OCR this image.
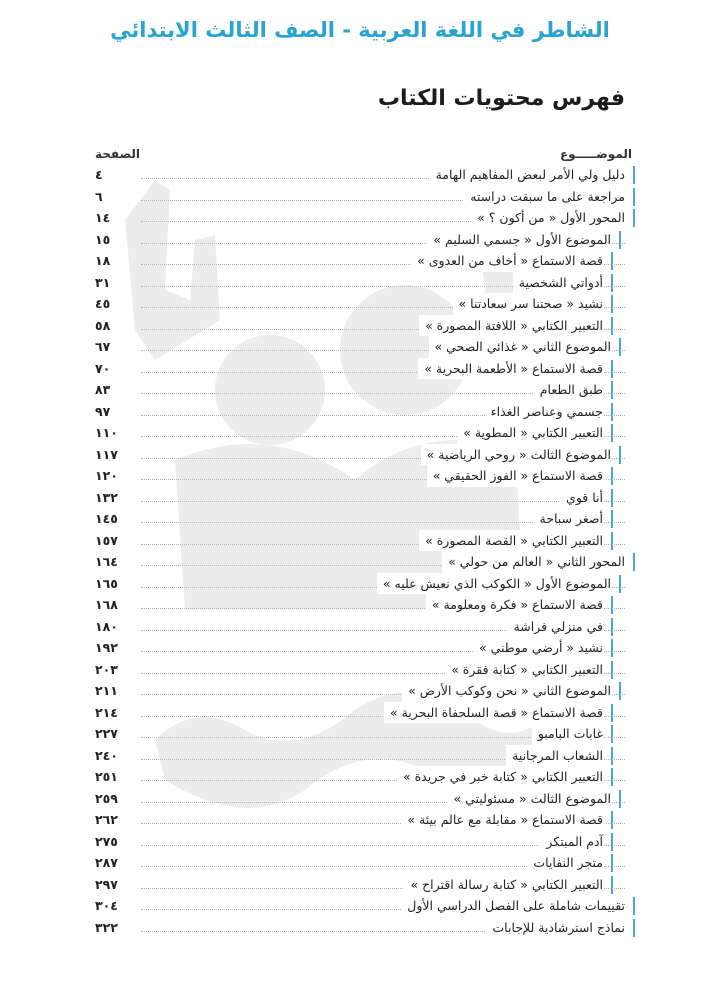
الشاطر في اللغة العربية - الصف الثالث الابتدائي
فهرس محتويات الكتاب
الموضـــــوع
الصفحة
دليل ولي الأمر لبعض المفاهيم الهامة
٤
مراجعة على ما سبقت دراسته
٦
المحور الأول « من أكون ؟ »
١٤
الموضوع الأول « جسمي السليم »
١٥
قصة الاستماع « أخاف من العدوى »
١٨
أدواتي الشخصية
٣١
نشيد « صحتنا سر سعادتنا »
٤٥
التعبير الكتابي « اللافتة المصورة »
٥٨
الموضوع الثاني « غذائي الصحي »
٦٧
قصة الاستماع « الأطعمة البحرية »
٧٠
طبق الطعام
٨٣
جسمي وعناصر الغذاء
٩٧
التعبير الكتابي « المطوية »
١١٠
الموضوع الثالث « روحي الرياضية »
١١٧
قصة الاستماع « الفوز الحقيقي »
١٢٠
أنا قوي
١٣٢
أصغر سباحة
١٤٥
التعبير الكتابي « القصة المصورة »
١٥٧
المحور الثاني « العالم من حولي »
١٦٤
الموضوع الأول « الكوكب الذي نعيش عليه »
١٦٥
قصة الاستماع « فكرة ومعلومة »
١٦٨
في منزلي فراشة
١٨٠
نشيد « أرضي موطني »
١٩٢
التعبير الكتابي « كتابة فقرة »
٢٠٣
الموضوع الثاني « نحن وكوكب الأرض »
٢١١
قصة الاستماع « قصة السلحفاة البحرية »
٢١٤
غابات البامبو
٢٢٧
الشعاب المرجانية
٢٤٠
التعبير الكتابي « كتابة خبر في جريدة »
٢٥١
الموضوع الثالث « مسئوليتي »
٢٥٩
قصة الاستماع « مقابلة مع عالم بيئة »
٢٦٢
آدم المبتكر
٢٧٥
متجر النفايات
٢٨٧
التعبير الكتابي « كتابة رسالة اقتراح »
٢٩٧
تقييمات شاملة على الفصل الدراسي الأول
٣٠٤
نماذج استرشادية للإجابات
٣٢٢
